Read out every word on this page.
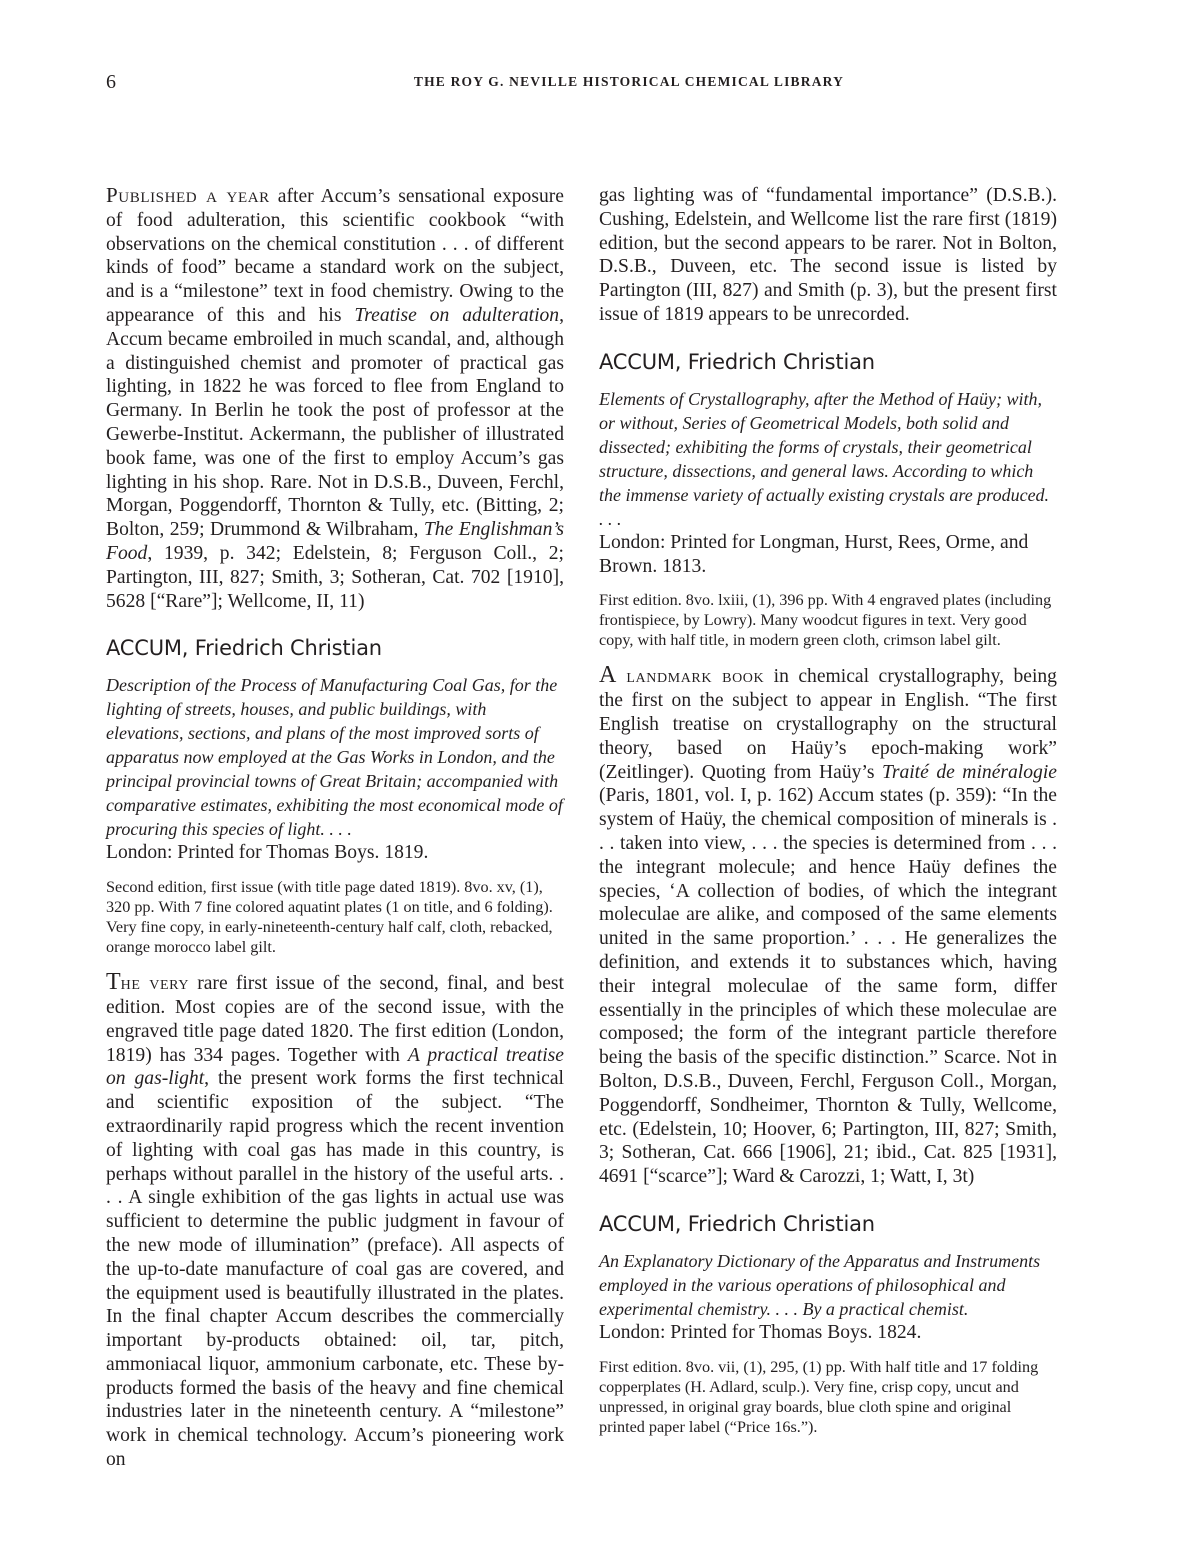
6	THE ROY G. NEVILLE HISTORICAL CHEMICAL LIBRARY

Published a year after Accum’s sensational exposure of food adulteration, this scientific cookbook “with observations on the chemical constitution . . . of different kinds of food” became a standard work on the subject, and is a “milestone” text in food chemistry. Owing to the appearance of this and his Treatise on adulteration, Accum became embroiled in much scandal, and, although a distinguished chemist and promoter of practical gas lighting, in 1822 he was forced to flee from England to Germany. In Berlin he took the post of professor at the Gewerbe-Institut. Ackermann, the publisher of illustrated book fame, was one of the first to employ Accum’s gas lighting in his shop. Rare. Not in D.S.B., Duveen, Ferchl, Morgan, Poggendorff, Thornton & Tully, etc. (Bitting, 2; Bolton, 259; Drummond & Wilbraham, The Englishman’s Food, 1939, p. 342; Edelstein, 8; Ferguson Coll., 2; Partington, III, 827; Smith, 3; Sotheran, Cat. 702 [1910], 5628 [“Rare”]; Wellcome, II, 11)

ACCUM, Friedrich Christian

Description of the Process of Manufacturing Coal Gas, for the lighting of streets, houses, and public buildings, with elevations, sections, and plans of the most improved sorts of apparatus now employed at the Gas Works in London, and the principal provincial towns of Great Britain; accompanied with comparative estimates, exhibiting the most economical mode of procuring this species of light. . . .

London: Printed for Thomas Boys. 1819.

Second edition, first issue (with title page dated 1819). 8vo. xv, (1), 320 pp. With 7 fine colored aquatint plates (1 on title, and 6 folding). Very fine copy, in early-nineteenth-century half calf, cloth, rebacked, orange morocco label gilt.

The very rare first issue of the second, final, and best edition. Most copies are of the second issue, with the engraved title page dated 1820. The first edition (London, 1819) has 334 pages. Together with A practical treatise on gas-light, the present work forms the first technical and scientific exposition of the subject. “The extraordinarily rapid progress which the recent invention of lighting with coal gas has made in this country, is perhaps without parallel in the history of the useful arts. . . . A single exhibition of the gas lights in actual use was sufficient to determine the public judgment in favour of the new mode of illumination” (preface). All aspects of the up-to-date manufacture of coal gas are covered, and the equipment used is beautifully illustrated in the plates. In the final chapter Accum describes the commercially important by-products obtained: oil, tar, pitch, ammoniacal liquor, ammonium carbonate, etc. These by-products formed the basis of the heavy and fine chemical industries later in the nineteenth century. A “milestone” work in chemical technology. Accum’s pioneering work on

gas lighting was of “fundamental importance” (D.S.B.). Cushing, Edelstein, and Wellcome list the rare first (1819) edition, but the second appears to be rarer. Not in Bolton, D.S.B., Duveen, etc. The second issue is listed by Partington (III, 827) and Smith (p. 3), but the present first issue of 1819 appears to be unrecorded.

ACCUM, Friedrich Christian

Elements of Crystallography, after the Method of Haüy; with, or without, Series of Geometrical Models, both solid and dissected; exhibiting the forms of crystals, their geometrical structure, dissections, and general laws. According to which the immense variety of actually existing crystals are produced. . . .

London: Printed for Longman, Hurst, Rees, Orme, and Brown. 1813.

First edition. 8vo. lxiii, (1), 396 pp. With 4 engraved plates (including frontispiece, by Lowry). Many woodcut figures in text. Very good copy, with half title, in modern green cloth, crimson label gilt.

A landmark book in chemical crystallography, being the first on the subject to appear in English. “The first English treatise on crystallography on the structural theory, based on Haüy’s epoch-making work” (Zeitlinger). Quoting from Haüy’s Traité de minéralogie (Paris, 1801, vol. I, p. 162) Accum states (p. 359): “In the system of Haüy, the chemical composition of minerals is . . . taken into view, . . . the species is determined from . . . the integrant molecule; and hence Haüy defines the species, ‘A collection of bodies, of which the integrant moleculae are alike, and composed of the same elements united in the same proportion.’ . . . He generalizes the definition, and extends it to substances which, having their integral moleculae of the same form, differ essentially in the principles of which these moleculae are composed; the form of the integrant particle therefore being the basis of the specific distinction.” Scarce. Not in Bolton, D.S.B., Duveen, Ferchl, Ferguson Coll., Morgan, Poggendorff, Sondheimer, Thornton & Tully, Wellcome, etc. (Edelstein, 10; Hoover, 6; Partington, III, 827; Smith, 3; Sotheran, Cat. 666 [1906], 21; ibid., Cat. 825 [1931], 4691 [“scarce”]; Ward & Carozzi, 1; Watt, I, 3t)

ACCUM, Friedrich Christian

An Explanatory Dictionary of the Apparatus and Instruments employed in the various operations of philosophical and experimental chemistry. . . . By a practical chemist.

London: Printed for Thomas Boys. 1824.

First edition. 8vo. vii, (1), 295, (1) pp. With half title and 17 folding copperplates (H. Adlard, sculp.). Very fine, crisp copy, uncut and unpressed, in original gray boards, blue cloth spine and original printed paper label (“Price 16s.”).
